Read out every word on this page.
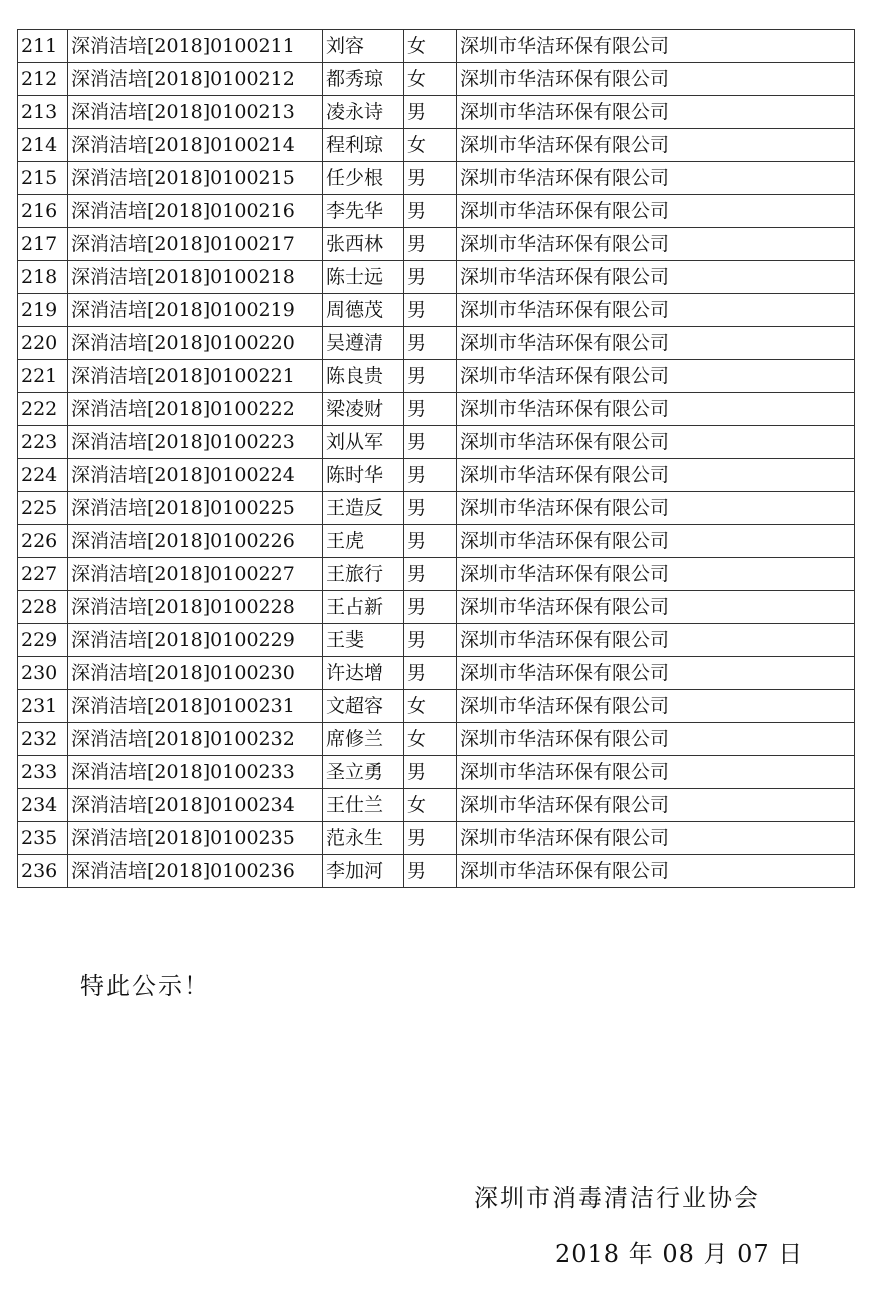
211	深消洁培[2018]0100211	刘容	女	深圳市华洁环保有限公司
212	深消洁培[2018]0100212	都秀琼	女	深圳市华洁环保有限公司
213	深消洁培[2018]0100213	凌永诗	男	深圳市华洁环保有限公司
214	深消洁培[2018]0100214	程利琼	女	深圳市华洁环保有限公司
215	深消洁培[2018]0100215	任少根	男	深圳市华洁环保有限公司
216	深消洁培[2018]0100216	李先华	男	深圳市华洁环保有限公司
217	深消洁培[2018]0100217	张西林	男	深圳市华洁环保有限公司
218	深消洁培[2018]0100218	陈士远	男	深圳市华洁环保有限公司
219	深消洁培[2018]0100219	周德茂	男	深圳市华洁环保有限公司
220	深消洁培[2018]0100220	吴遵清	男	深圳市华洁环保有限公司
221	深消洁培[2018]0100221	陈良贵	男	深圳市华洁环保有限公司
222	深消洁培[2018]0100222	梁凌财	男	深圳市华洁环保有限公司
223	深消洁培[2018]0100223	刘从军	男	深圳市华洁环保有限公司
224	深消洁培[2018]0100224	陈时华	男	深圳市华洁环保有限公司
225	深消洁培[2018]0100225	王造反	男	深圳市华洁环保有限公司
226	深消洁培[2018]0100226	王虎	男	深圳市华洁环保有限公司
227	深消洁培[2018]0100227	王旅行	男	深圳市华洁环保有限公司
228	深消洁培[2018]0100228	王占新	男	深圳市华洁环保有限公司
229	深消洁培[2018]0100229	王斐	男	深圳市华洁环保有限公司
230	深消洁培[2018]0100230	许达增	男	深圳市华洁环保有限公司
231	深消洁培[2018]0100231	文超容	女	深圳市华洁环保有限公司
232	深消洁培[2018]0100232	席修兰	女	深圳市华洁环保有限公司
233	深消洁培[2018]0100233	圣立勇	男	深圳市华洁环保有限公司
234	深消洁培[2018]0100234	王仕兰	女	深圳市华洁环保有限公司
235	深消洁培[2018]0100235	范永生	男	深圳市华洁环保有限公司
236	深消洁培[2018]0100236	李加河	男	深圳市华洁环保有限公司
特此公示！
深圳市消毒清洁行业协会
2018 年 08 月 07 日
